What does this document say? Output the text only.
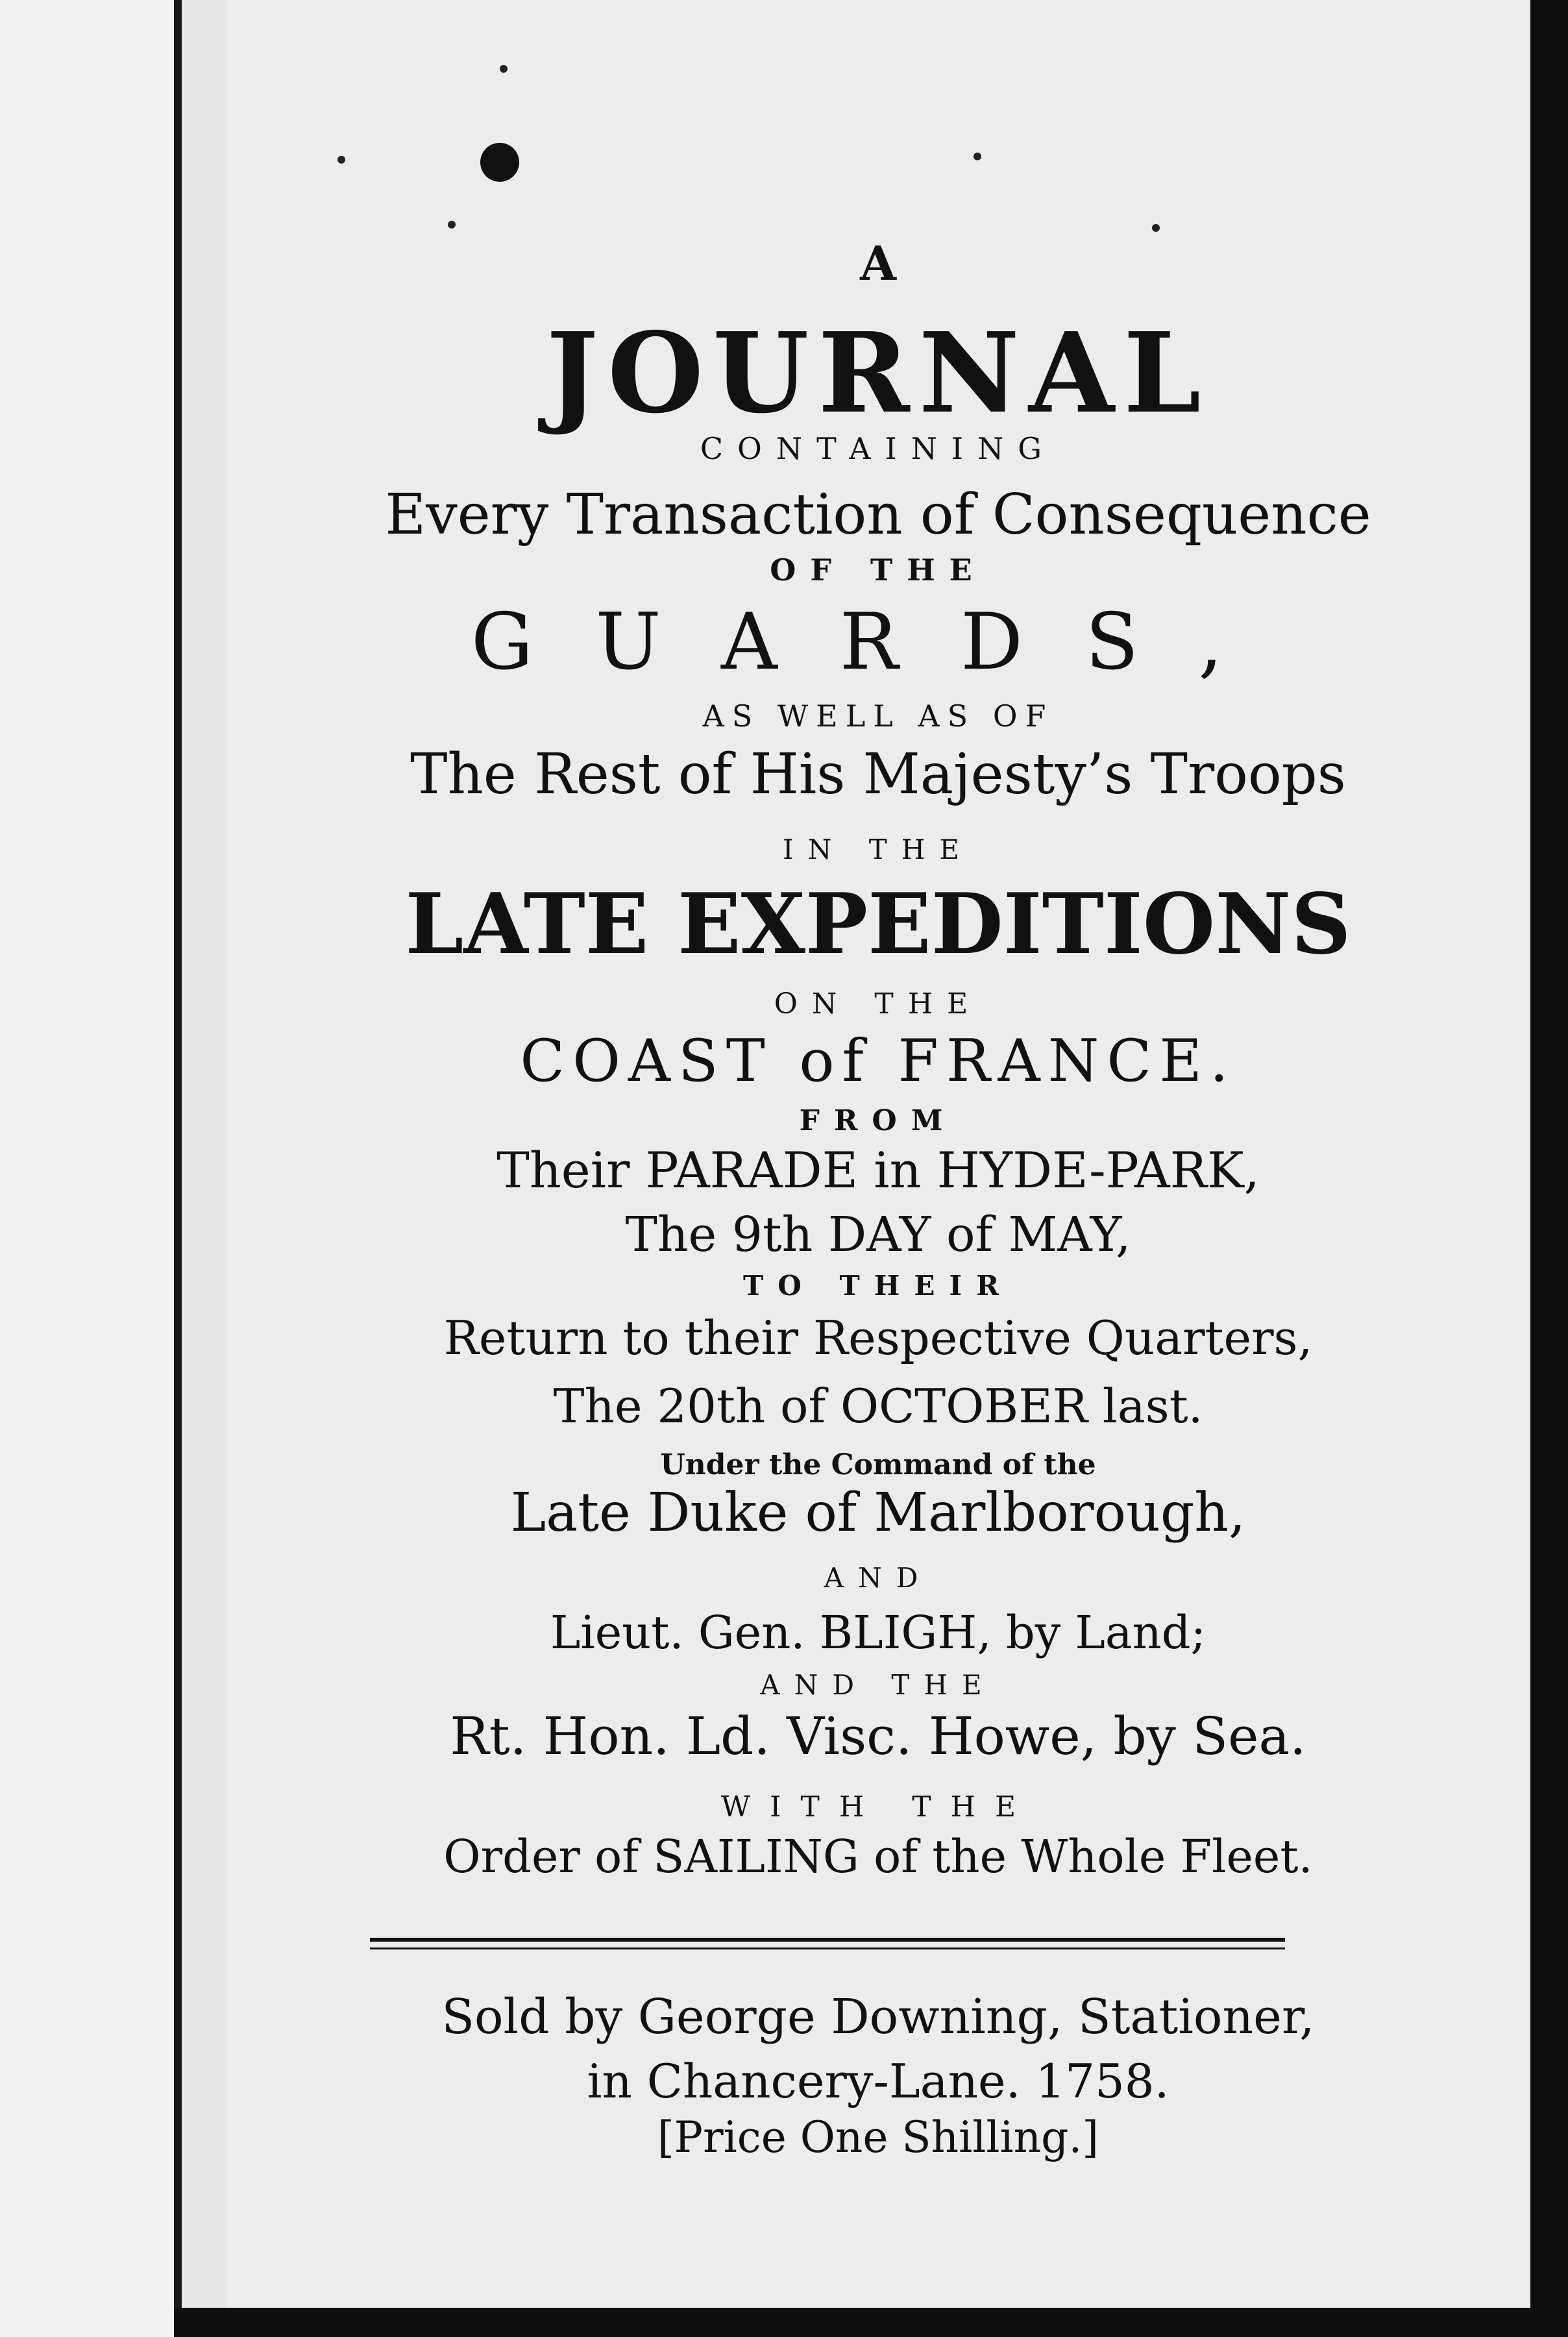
A
JOURNAL
CONTAINING
Every Transaction of Consequence
OF THE
GUARDS,
AS WELL AS OF
The Rest of His Majesty’s Troops
IN THE
LATE EXPEDITIONS
ON THE
COAST of FRANCE.
FROM
Their PARADE in HYDE-PARK,
The 9th DAY of MAY,
TO THEIR
Return to their Respective Quarters,
The 20th of OCTOBER last.
Under the Command of the
Late Duke of Marlborough,
AND
Lieut. Gen. BLIGH, by Land;
AND THE
Rt. Hon. Ld. Visc. Howe, by Sea.
WITH THE
Order of SAILING of the Whole Fleet.
Sold by George Downing, Stationer,
in Chancery-Lane. 1758.
[Price One Shilling.]
